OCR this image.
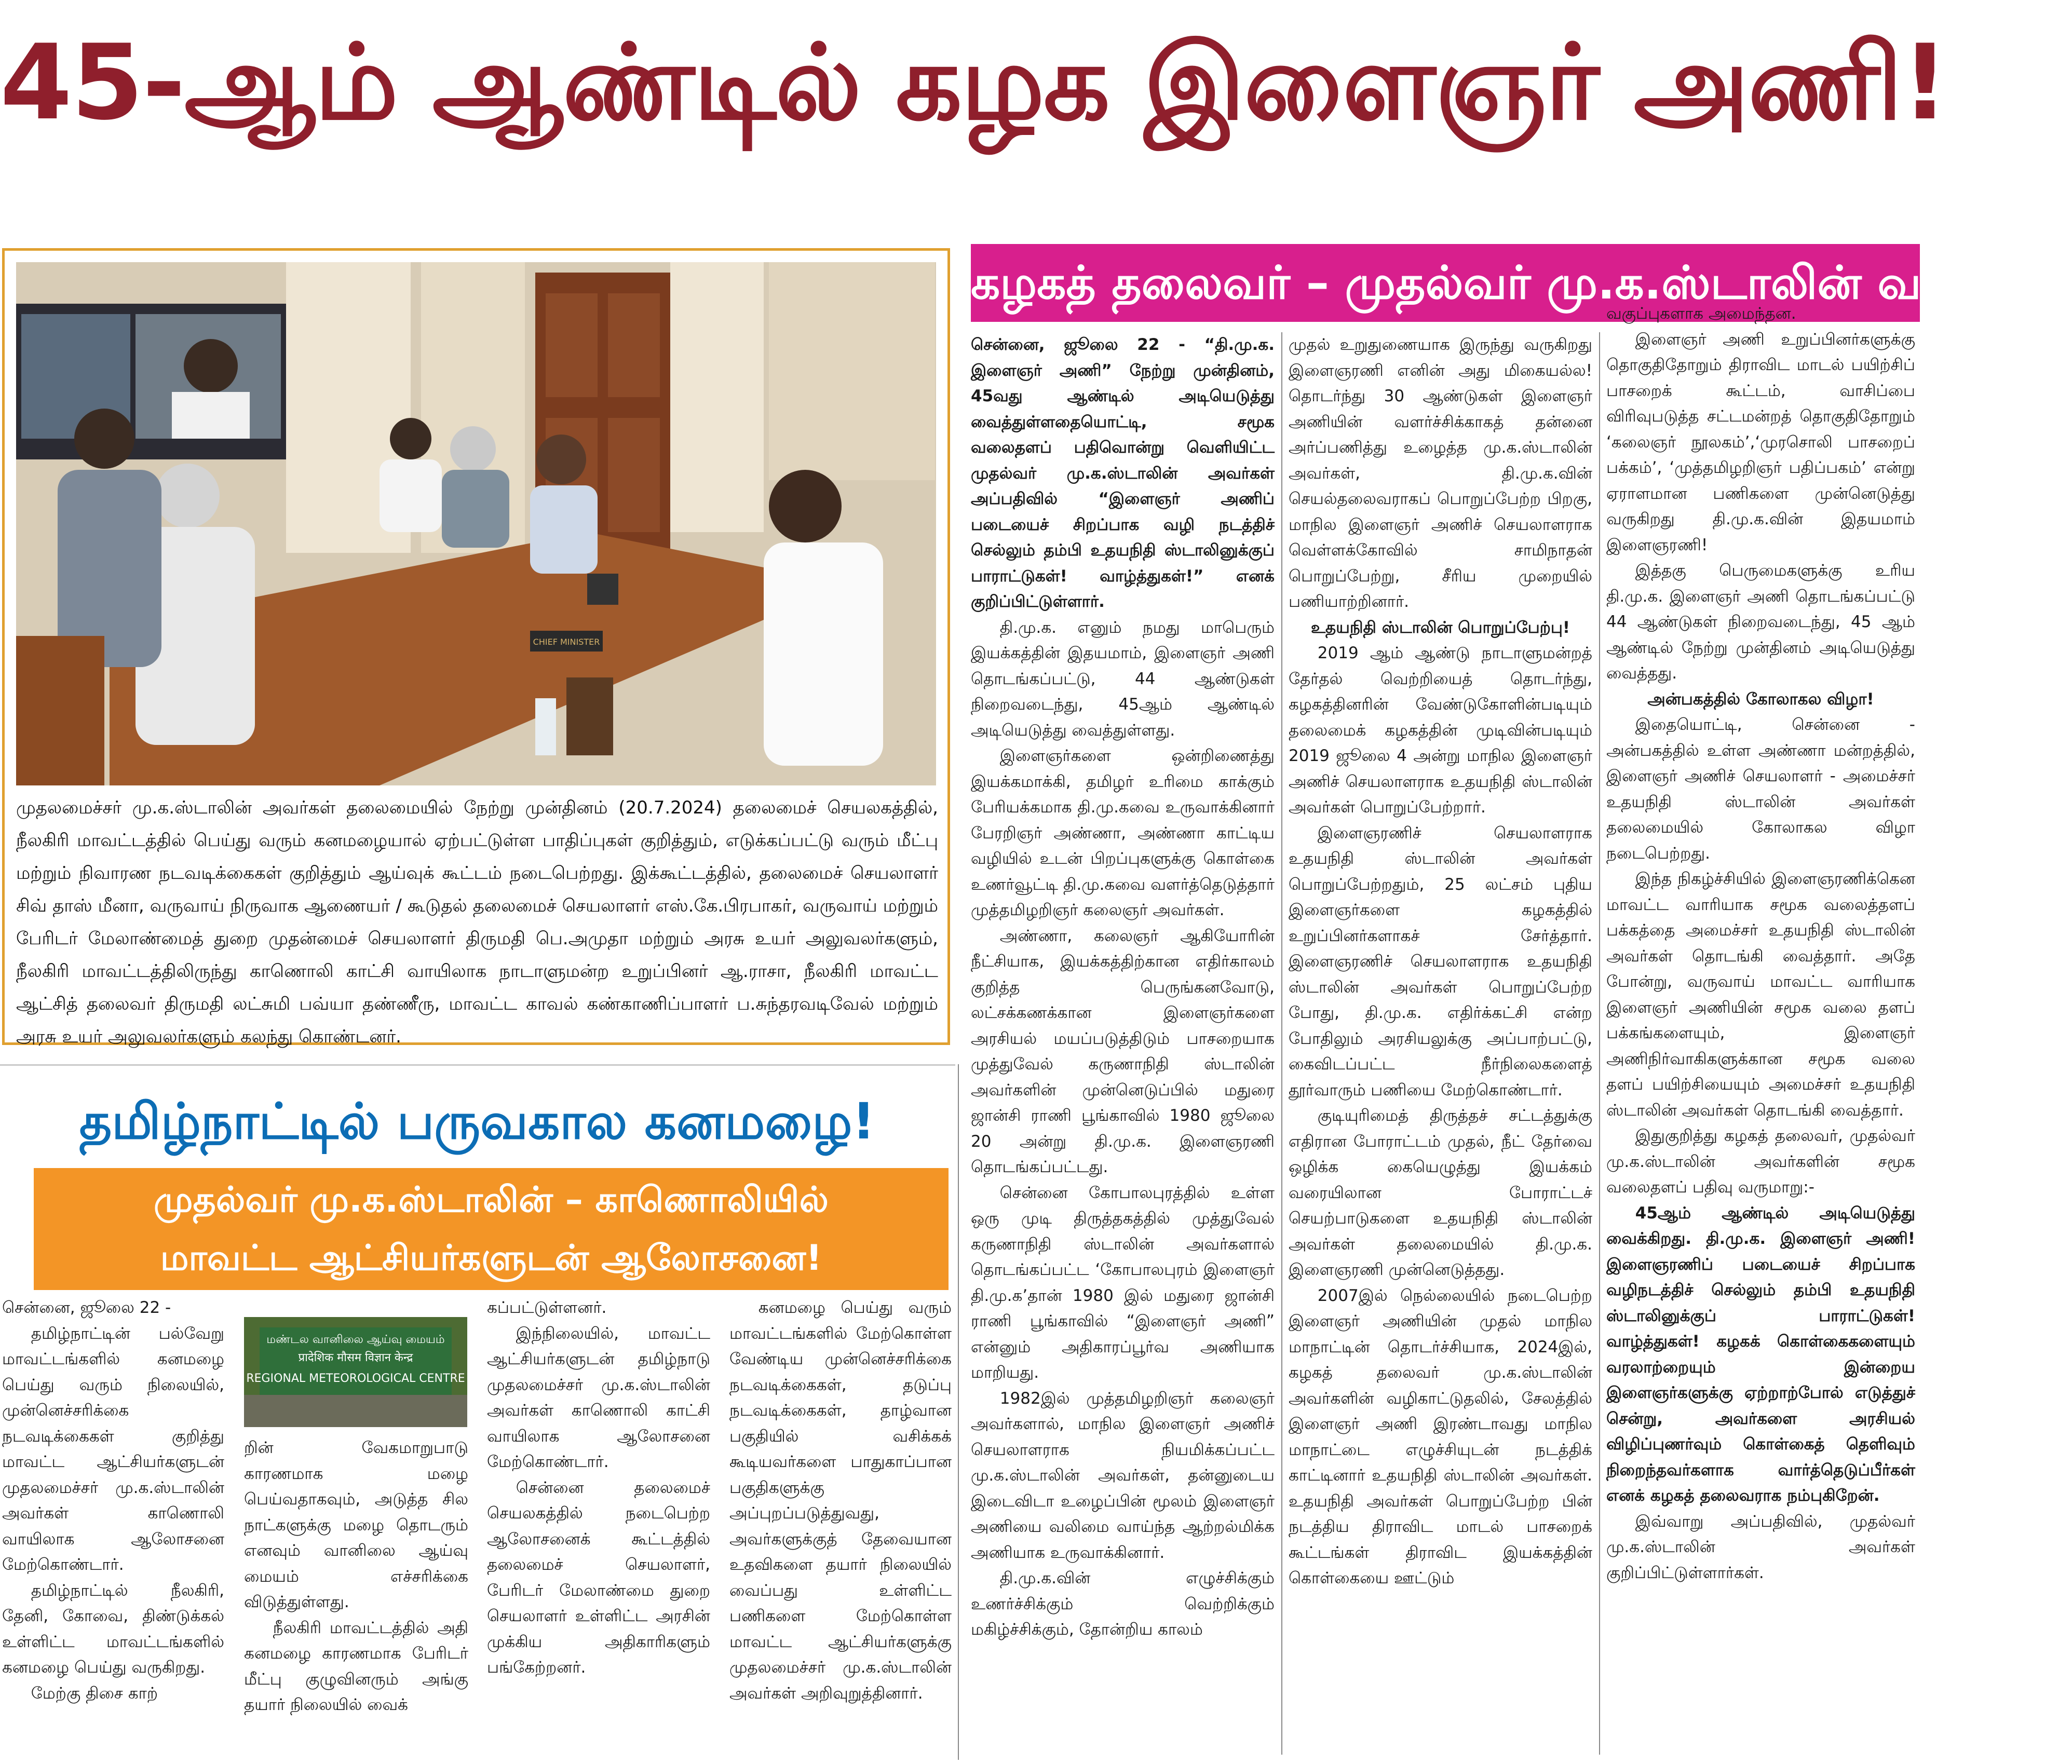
45-ஆம் ஆண்டில் கழக இளைஞர் அணி!
CHIEF MINISTER
முதலமைச்சர் மு.க.ஸ்டாலின் அவர்கள் தலைமையில் நேற்று முன்தினம் (20.7.2024) தலைமைச் செயலகத்தில், நீலகிரி மாவட்டத்தில் பெய்து வரும் கனமழையால் ஏற்பட்டுள்ள பாதிப்புகள் குறித்தும், எடுக்கப்பட்டு வரும் மீட்பு மற்றும் நிவாரண நடவடிக்கைகள் குறித்தும் ஆய்வுக் கூட்டம் நடைபெற்றது. இக்கூட்டத்தில், தலைமைச் செயலாளர் சிவ் தாஸ் மீனா, வருவாய் நிருவாக ஆணையர் / கூடுதல் தலைமைச் செயலாளர் எஸ்.கே.பிரபாகர், வருவாய் மற்றும் பேரிடர் மேலாண்மைத் துறை முதன்மைச் செயலாளர் திருமதி பெ.அமுதா மற்றும் அரசு உயர் அலுவலர்களும், நீலகிரி மாவட்டத்திலிருந்து காணொலி காட்சி வாயிலாக நாடாளுமன்ற உறுப்பினர் ஆ.ராசா, நீலகிரி மாவட்ட ஆட்சித் தலைவர் திருமதி லட்சுமி பவ்யா தண்ணீரு, மாவட்ட காவல் கண்காணிப்பாளர் ப.சுந்தரவடிவேல் மற்றும் அரசு உயர் அலுவலர்களும் கலந்து கொண்டனர்.
கழகத் தலைவர் – முதல்வர் மு.க.ஸ்டாலின் வாழ்த்து!

சென்னை, ஜூலை 22 - “தி.மு.க. இளைஞர் அணி” நேற்று முன்தினம், 45வது ஆண்டில் அடியெடுத்து வைத்துள்ளதையொட்டி, சமூக வலைதளப் பதிவொன்று வெளியிட்ட முதல்வர் மு.க.ஸ்டாலின் அவர்கள் அப்பதிவில் “இளைஞர் அணிப் படையைச் சிறப்பாக வழி நடத்திச் செல்லும் தம்பி உதயநிதி ஸ்டாலினுக்குப் பாராட்டுகள்! வாழ்த்துகள்!” எனக் குறிப்பிட்டுள்ளார்.

தி.மு.க. எனும் நமது மாபெரும் இயக்கத்தின் இதயமாம், இளைஞர் அணி தொடங்கப்பட்டு, 44 ஆண்டுகள் நிறைவடைந்து, 45ஆம் ஆண்டில் அடியெடுத்து வைத்துள்ளது.

இளைஞர்களை ஒன்றிணைத்து இயக்கமாக்கி, தமிழர் உரிமை காக்கும் பேரியக்கமாக தி.மு.கவை உருவாக்கினார் பேரறிஞர் அண்ணா, அண்ணா காட்டிய வழியில் உடன் பிறப்புகளுக்கு கொள்கை உணர்வூட்டி தி.மு.கவை வளர்த்தெடுத்தார் முத்தமிழறிஞர் கலைஞர் அவர்கள்.

அண்ணா, கலைஞர் ஆகியோரின் நீட்சியாக, இயக்கத்திற்கான எதிர்காலம் குறித்த பெருங்கனவோடு, லட்சக்கணக்கான இளைஞர்களை அரசியல் மயப்படுத்திடும் பாசறையாக முத்துவேல் கருணாநிதி ஸ்டாலின் அவர்களின் முன்னெடுப்பில் மதுரை ஜான்சி ராணி பூங்காவில் 1980 ஜூலை 20 அன்று தி.மு.க. இளைஞரணி தொடங்கப்பட்டது.

சென்னை கோபாலபுரத்தில் உள்ள ஒரு முடி திருத்தகத்தில் முத்துவேல் கருணாநிதி ஸ்டாலின் அவர்களால் தொடங்கப்பட்ட ‘கோபாலபுரம் இளைஞர் தி.மு.க’தான் 1980 இல் மதுரை ஜான்சி ராணி பூங்காவில் “இளைஞர் அணி” என்னும் அதிகாரப்பூர்வ அணியாக மாறியது.

1982இல் முத்தமிழறிஞர் கலைஞர் அவர்களால், மாநில இளைஞர் அணிச் செயலாளராக நியமிக்கப்பட்ட மு.க.ஸ்டாலின் அவர்கள், தன்னுடைய இடைவிடா உழைப்பின் மூலம் இளைஞர் அணியை வலிமை வாய்ந்த ஆற்றல்மிக்க அணியாக உருவாக்கினார்.

தி.மு.க.வின் எழுச்சிக்கும் உணர்ச்சிக்கும் வெற்றிக்கும் மகிழ்ச்சிக்கும், தோன்றிய காலம்

முதல் உறுதுணையாக இருந்து வருகிறது இளைஞரணி எனின் அது மிகையல்ல! தொடர்ந்து 30 ஆண்டுகள் இளைஞர் அணியின் வளர்ச்சிக்காகத் தன்னை அர்ப்பணித்து உழைத்த மு.க.ஸ்டாலின் அவர்கள், தி.மு.க.வின் செயல்தலைவராகப் பொறுப்பேற்ற பிறகு, மாநில இளைஞர் அணிச் செயலாளராக வெள்ளக்கோவில் சாமிநாதன் பொறுப்பேற்று, சீரிய முறையில் பணியாற்றினார்.

உதயநிதி ஸ்டாலின் பொறுப்பேற்பு!

2019 ஆம் ஆண்டு நாடாளுமன்றத் தேர்தல் வெற்றியைத் தொடர்ந்து, கழகத்தினரின் வேண்டுகோளின்படியும் தலைமைக் கழகத்தின் முடிவின்படியும் 2019 ஜூலை 4 அன்று மாநில இளைஞர் அணிச் செயலாளராக உதயநிதி ஸ்டாலின் அவர்கள் பொறுப்பேற்றார்.

இளைஞரணிச் செயலாளராக உதயநிதி ஸ்டாலின் அவர்கள் பொறுப்பேற்றதும், 25 லட்சம் புதிய இளைஞர்களை கழகத்தில் உறுப்பினர்களாகச் சேர்த்தார். இளைஞரணிச் செயலாளராக உதயநிதி ஸ்டாலின் அவர்கள் பொறுப்பேற்ற போது, தி.மு.க. எதிர்க்கட்சி என்ற போதிலும் அரசியலுக்கு அப்பாற்பட்டு, கைவிடப்பட்ட நீர்நிலைகளைத் தூர்வாரும் பணியை மேற்கொண்டார்.

குடியுரிமைத் திருத்தச் சட்டத்துக்கு எதிரான போராட்டம் முதல், நீட் தேர்வை ஒழிக்க கையெழுத்து இயக்கம் வரையிலான போராட்டச் செயற்பாடுகளை உதயநிதி ஸ்டாலின் அவர்கள் தலைமையில் தி.மு.க. இளைஞரணி முன்னெடுத்தது.

2007இல் நெல்லையில் நடைபெற்ற இளைஞர் அணியின் முதல் மாநில மாநாட்டின் தொடர்ச்சியாக, 2024இல், கழகத் தலைவர் மு.க.ஸ்டாலின் அவர்களின் வழிகாட்டுதலில், சேலத்தில் இளைஞர் அணி இரண்டாவது மாநில மாநாட்டை எழுச்சியுடன் நடத்திக் காட்டினார் உதயநிதி ஸ்டாலின் அவர்கள். உதயநிதி அவர்கள் பொறுப்பேற்ற பின் நடத்திய திராவிட மாடல் பாசறைக் கூட்டங்கள் திராவிட இயக்கத்தின் கொள்கையை ஊட்டும்

வகுப்புகளாக அமைந்தன.

இளைஞர் அணி உறுப்பினர்களுக்கு தொகுதிதோறும் திராவிட மாடல் பயிற்சிப் பாசறைக் கூட்டம், வாசிப்பை விரிவுபடுத்த சட்டமன்றத் தொகுதிதோறும் ‘கலைஞர் நூலகம்’,‘முரசொலி பாசறைப் பக்கம்’, ‘முத்தமிழறிஞர் பதிப்பகம்’ என்று ஏராளமான பணிகளை முன்னெடுத்து வருகிறது தி.மு.க.வின் இதயமாம் இளைஞரணி!

இத்தகு பெருமைகளுக்கு உரிய தி.மு.க. இளைஞர் அணி தொடங்கப்பட்டு 44 ஆண்டுகள் நிறைவடைந்து, 45 ஆம் ஆண்டில் நேற்று முன்தினம் அடியெடுத்து வைத்தது.

அன்பகத்தில் கோலாகல விழா!

இதையொட்டி, சென்னை - அன்பகத்தில் உள்ள அண்ணா மன்றத்தில், இளைஞர் அணிச் செயலாளர் - அமைச்சர் உதயநிதி ஸ்டாலின் அவர்கள் தலைமையில் கோலாகல விழா நடைபெற்றது.

இந்த நிகழ்ச்சியில் இளைஞரணிக்கென மாவட்ட வாரியாக சமூக வலைத்தளப் பக்கத்தை அமைச்சர் உதயநிதி ஸ்டாலின் அவர்கள் தொடங்கி வைத்தார். அதே போன்று, வருவாய் மாவட்ட வாரியாக இளைஞர் அணியின் சமூக வலை தளப் பக்கங்களையும், இளைஞர் அணிநிர்வாகிகளுக்கான சமூக வலை தளப் பயிற்சியையும் அமைச்சர் உதயநிதி ஸ்டாலின் அவர்கள் தொடங்கி வைத்தார்.

இதுகுறித்து கழகத் தலைவர், முதல்வர் மு.க.ஸ்டாலின் அவர்களின் சமூக வலைதளப் பதிவு வருமாறு:-

45ஆம் ஆண்டில் அடியெடுத்து வைக்கிறது. தி.மு.க. இளைஞர் அணி! இளைஞரணிப் படையைச் சிறப்பாக வழிநடத்திச் செல்லும் தம்பி உதயநிதி ஸ்டாலினுக்குப் பாராட்டுகள்! வாழ்த்துகள்! கழகக் கொள்கைகளையும் வரலாற்றையும் இன்றைய இளைஞர்களுக்கு ஏற்றாற்போல் எடுத்துச் சென்று, அவர்களை அரசியல் விழிப்புணர்வும் கொள்கைத் தெளிவும் நிறைந்தவர்களாக வார்த்தெடுப்பீர்கள் எனக் கழகத் தலைவராக நம்புகிறேன்.

இவ்வாறு அப்பதிவில், முதல்வர் மு.க.ஸ்டாலின் அவர்கள் குறிப்பிட்டுள்ளார்கள்.

தமிழ்நாட்டில் பருவகால கனமழை!
முதல்வர் மு.க.ஸ்டாலின் – காணொலியில்
மாவட்ட ஆட்சியர்களுடன் ஆலோசனை!
மண்டல வானிலை ஆய்வு மையம்
प्रादेशिक मौसम विज्ञान केन्द्र
REGIONAL METEOROLOGICAL CENTRE

சென்னை, ஜூலை 22 -

தமிழ்நாட்டின் பல்வேறு மாவட்டங்களில் கனமழை பெய்து வரும் நிலையில், முன்னெச்சரிக்கை நடவடிக்கைகள் குறித்து மாவட்ட ஆட்சியர்களுடன் முதலமைச்சர் மு.க.ஸ்டாலின் அவர்கள் காணொலி வாயிலாக ஆலோசனை மேற்கொண்டார்.

தமிழ்நாட்டில் நீலகிரி, தேனி, கோவை, திண்டுக்கல் உள்ளிட்ட மாவட்டங்களில் கனமழை பெய்து வருகிறது.

மேற்கு திசை காற்

றின் வேகமாறுபாடு காரணமாக மழை பெய்வதாகவும், அடுத்த சில நாட்களுக்கு மழை தொடரும் எனவும் வானிலை ஆய்வு மையம் எச்சரிக்கை விடுத்துள்ளது.

நீலகிரி மாவட்டத்தில் அதி கனமழை காரணமாக பேரிடர் மீட்பு குழுவினரும் அங்கு தயார் நிலையில் வைக்

கப்பட்டுள்ளனர்.

இந்நிலையில், மாவட்ட ஆட்சியர்களுடன் தமிழ்நாடு முதலமைச்சர் மு.க.ஸ்டாலின் அவர்கள் காணொலி காட்சி வாயிலாக ஆலோசனை மேற்கொண்டார்.

சென்னை தலைமைச் செயலகத்தில் நடைபெற்ற ஆலோசனைக் கூட்டத்தில் தலைமைச் செயலாளர், பேரிடர் மேலாண்மை துறை செயலாளர் உள்ளிட்ட அரசின் முக்கிய அதிகாரிகளும் பங்கேற்றனர்.

கனமழை பெய்து வரும் மாவட்டங்களில் மேற்கொள்ள வேண்டிய முன்னெச்சரிக்கை நடவடிக்கைகள், தடுப்பு நடவடிக்கைகள், தாழ்வான பகுதியில் வசிக்கக் கூடியவர்களை பாதுகாப்பான பகுதிகளுக்கு அப்புறப்படுத்துவது, அவர்களுக்குத் தேவையான உதவிகளை தயார் நிலையில் வைப்பது உள்ளிட்ட பணிகளை மேற்கொள்ள மாவட்ட ஆட்சியர்களுக்கு முதலமைச்சர் மு.க.ஸ்டாலின் அவர்கள் அறிவுறுத்தினார்.
